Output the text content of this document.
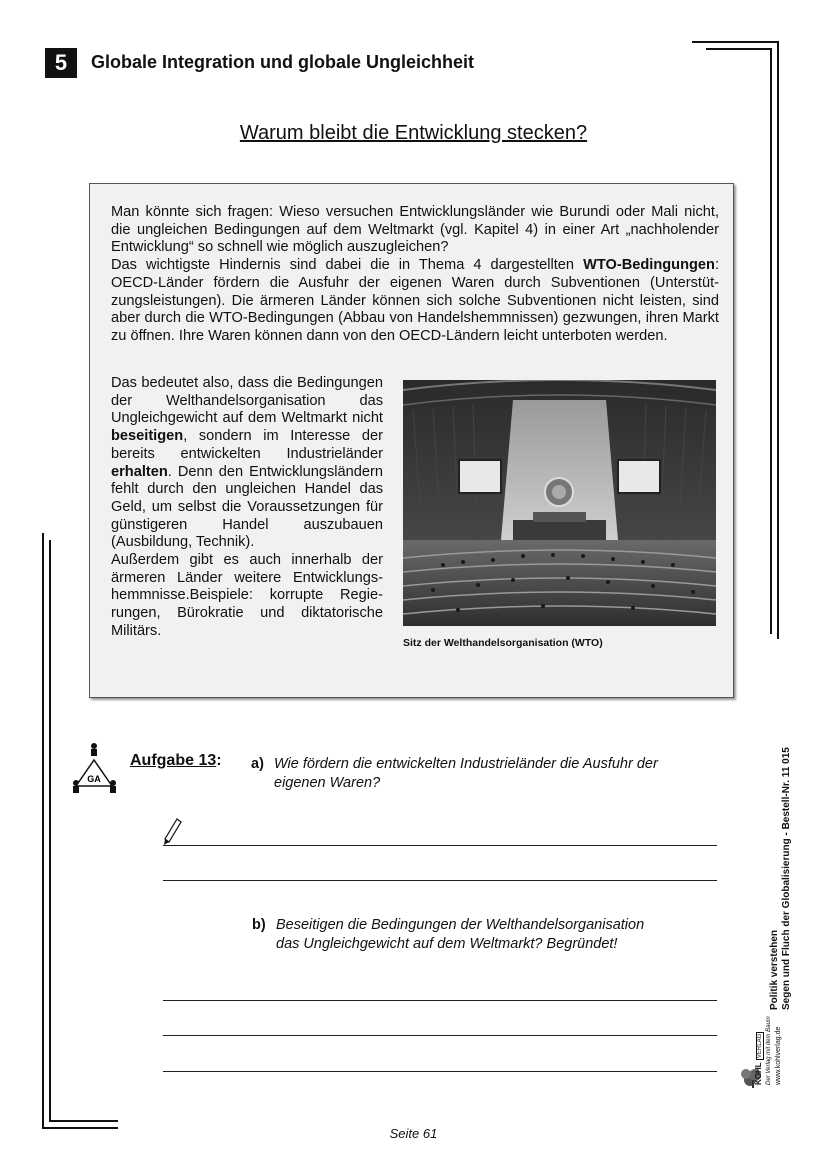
5	Globale Integration und globale Ungleichheit
Warum bleibt die Entwicklung stecken?

Man könnte sich fragen: Wieso versuchen Entwicklungsländer wie Burundi oder Mali nicht, die ungleichen Bedingungen auf dem Weltmarkt (vgl. Kapitel 4) in einer Art „nachholender Entwicklung“ so schnell wie möglich auszugleichen?

Das wichtigste Hindernis sind dabei die in Thema 4 dargestellten WTO-Bedingungen: OECD-Länder fördern die Ausfuhr der eigenen Waren durch Subventionen (Unterstützungsleistungen). Die ärmeren Länder können sich solche Subventionen nicht leisten, sind aber durch die WTO-Bedingungen (Abbau von Handelshemmnissen) gezwungen, ihren Markt zu öffnen. Ihre Waren können dann von den OECD-Ländern leicht unterboten werden.

Das bedeutet also, dass die Bedingungen der Welthandelsorganisation das Ungleichgewicht auf dem Weltmarkt nicht beseitigen, sondern im Interesse der bereits entwickelten Industrieländer erhalten. Denn den Entwicklungsländern fehlt durch den ungleichen Handel das Geld, um selbst die Voraussetzungen für günstigeren Handel auszubauen (Ausbildung, Technik).

Außerdem gibt es auch innerhalb der ärmeren Länder weitere Entwicklungshemmnisse.Beispiele: korrupte Regierungen, Bürokratie und diktatorische Militärs.

Sitz der Welthandelsorganisation (WTO)
GA
Aufgabe 13: a) Wie fördern die entwickelten Industrieländer die Ausfuhr der
eigenen Waren?
b) Beseitigen die Bedingungen der Welthandelsorganisation
das Ungleichgewicht auf dem Weltmarkt? Begründet!	Segen und Fluch der Globalisierung - Bestell-Nr. 11 015
Politik verstehen
KOHL VERLAG Der Verlag mit dem Baum www.kohlverlag.de
Seite 61
